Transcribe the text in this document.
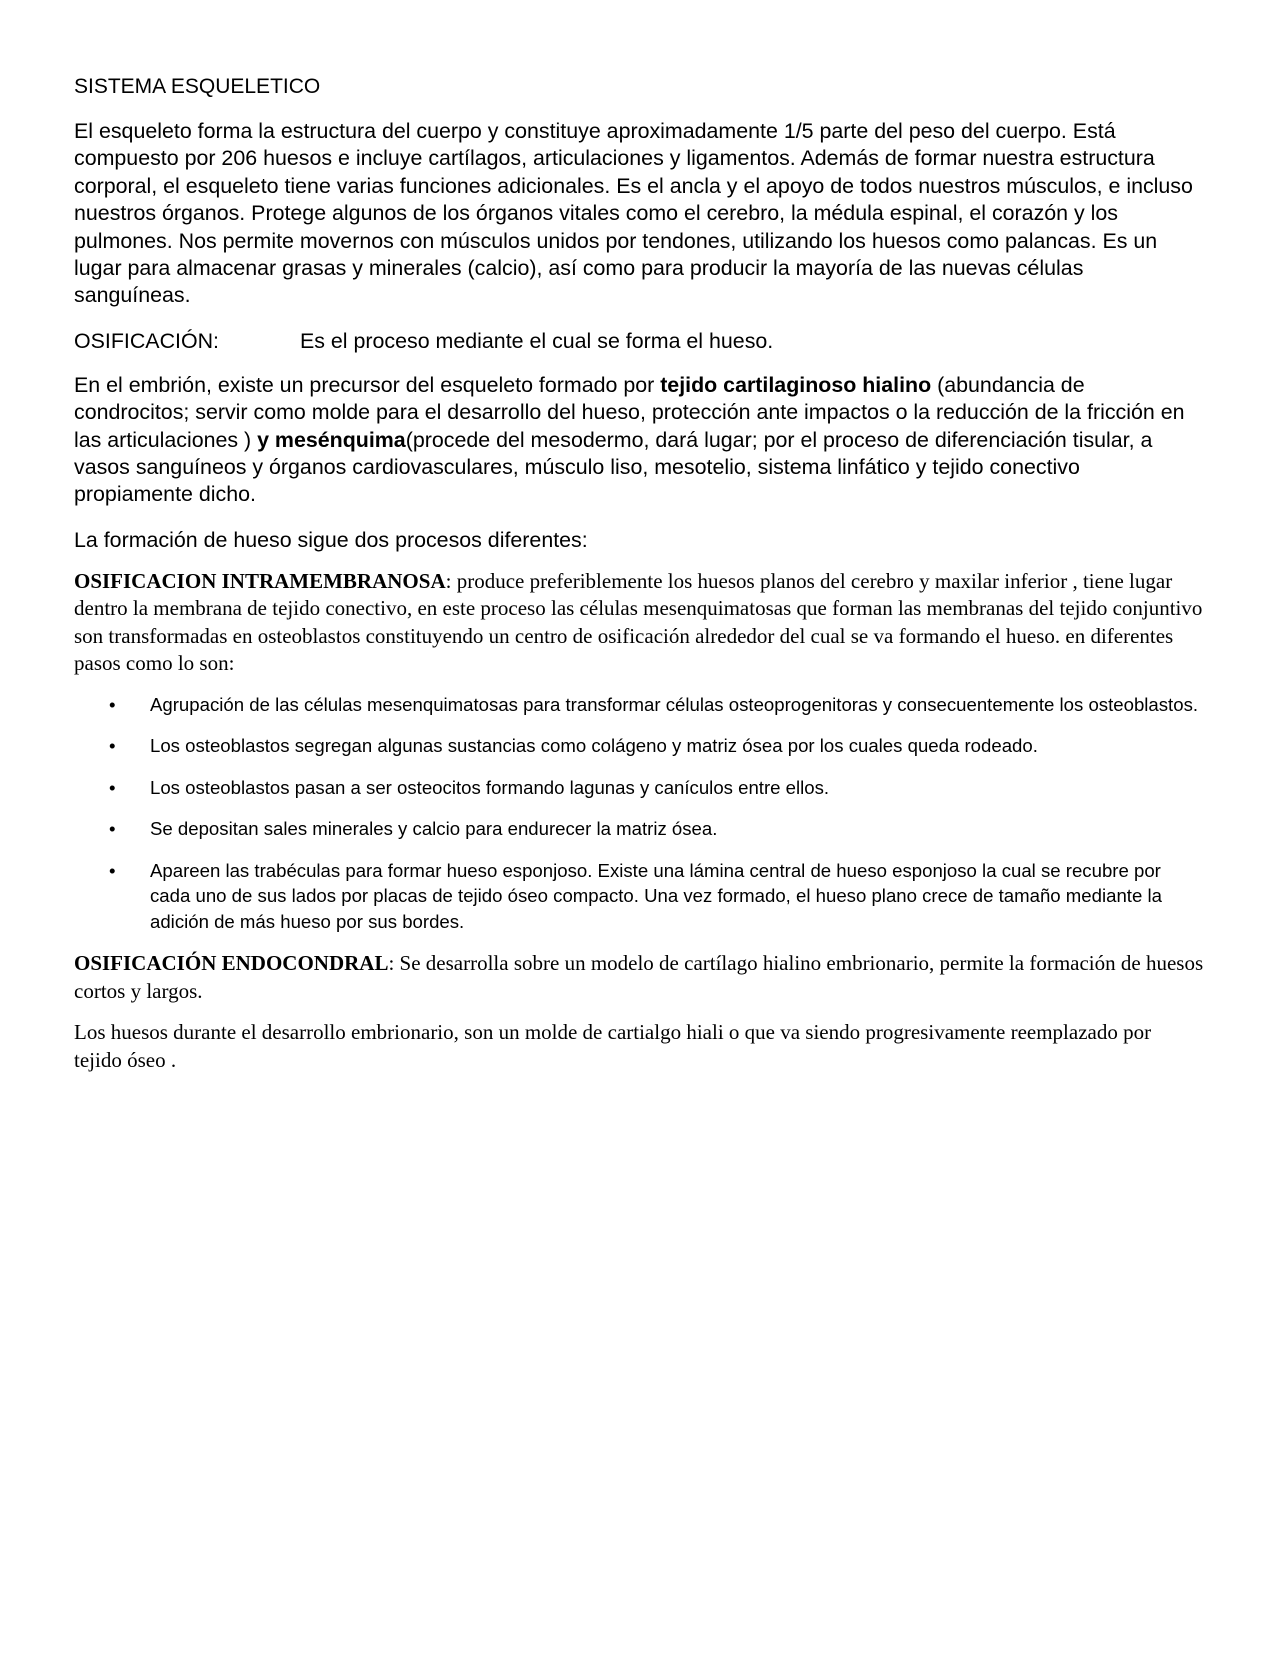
SISTEMA ESQUELETICO

El esqueleto forma la estructura del cuerpo y constituye aproximadamente 1/5 parte del peso del cuerpo. Está compuesto por 206 huesos e incluye cartílagos, articulaciones y ligamentos. Además de formar nuestra estructura corporal, el esqueleto tiene varias funciones adicionales. Es el ancla y el apoyo de todos nuestros músculos, e incluso nuestros órganos. Protege algunos de los órganos vitales como el cerebro, la médula espinal, el corazón y los pulmones. Nos permite movernos con músculos unidos por tendones, utilizando los huesos como palancas. Es un lugar para almacenar grasas y minerales (calcio), así como para producir la mayoría de las nuevas células sanguíneas.

OSIFICACIÓN:	Es el proceso mediante el cual se forma el hueso.

En el embrión, existe un precursor del esqueleto formado por tejido cartilaginoso hialino (abundancia de condrocitos; servir como molde para el desarrollo del hueso, protección ante impactos o la reducción de la fricción en las articulaciones ) y mesénquima(procede del mesodermo, dará lugar; por el proceso de diferenciación tisular, a vasos sanguíneos y órganos cardiovasculares, músculo liso, mesotelio, sistema linfático y tejido conectivo propiamente dicho.

La formación de hueso sigue dos procesos diferentes:

OSIFICACION INTRAMEMBRANOSA: produce preferiblemente los huesos planos del cerebro y maxilar inferior , tiene lugar dentro la membrana de tejido conectivo, en este proceso las células mesenquimatosas que forman las membranas del tejido conjuntivo son transformadas en osteoblastos constituyendo un centro de osificación alrededor del cual se va formando el hueso. en diferentes pasos como lo son:

• Agrupación de las células mesenquimatosas para transformar células osteoprogenitoras y consecuentemente los osteoblastos.
• Los osteoblastos segregan algunas sustancias como colágeno y matriz ósea por los cuales queda rodeado.
• Los osteoblastos pasan a ser osteocitos formando lagunas y canículos entre ellos.
• Se depositan sales minerales y calcio para endurecer la matriz ósea.
• Apareen las trabéculas para formar hueso esponjoso. Existe una lámina central de hueso esponjoso la cual se recubre por cada uno de sus lados por placas de tejido óseo compacto. Una vez formado, el hueso plano crece de tamaño mediante la adición de más hueso por sus bordes.

OSIFICACIÓN ENDOCONDRAL: Se desarrolla sobre un modelo de cartílago hialino embrionario, permite la formación de huesos cortos y largos.

Los huesos durante el desarrollo embrionario, son un molde de cartialgo hiali o que va siendo progresivamente reemplazado por tejido óseo .
